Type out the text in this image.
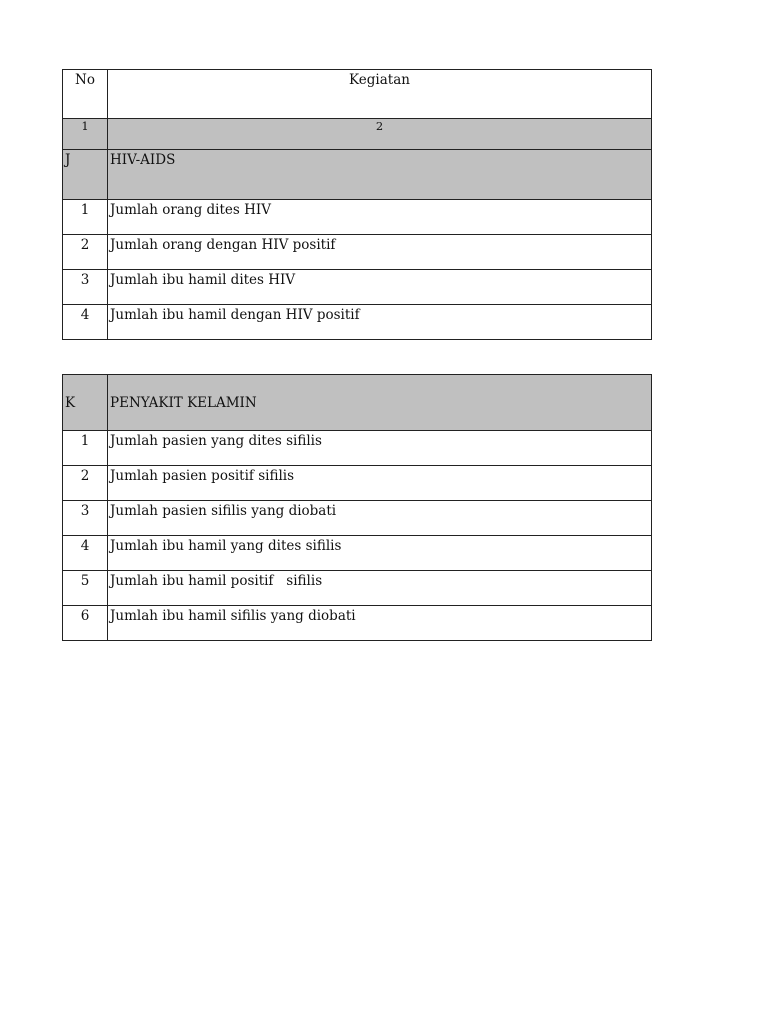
No	Kegiatan
1	2
J	HIV-AIDS
1	Jumlah orang dites HIV
2	Jumlah orang dengan HIV positif
3	Jumlah ibu hamil dites HIV
4	Jumlah ibu hamil dengan HIV positif
K	PENYAKIT KELAMIN
1	Jumlah pasien yang dites sifilis
2	Jumlah pasien positif sifilis
3	Jumlah pasien sifilis yang diobati
4	Jumlah ibu hamil yang dites sifilis
5	Jumlah ibu hamil positif   sifilis
6	Jumlah ibu hamil sifilis yang diobati
